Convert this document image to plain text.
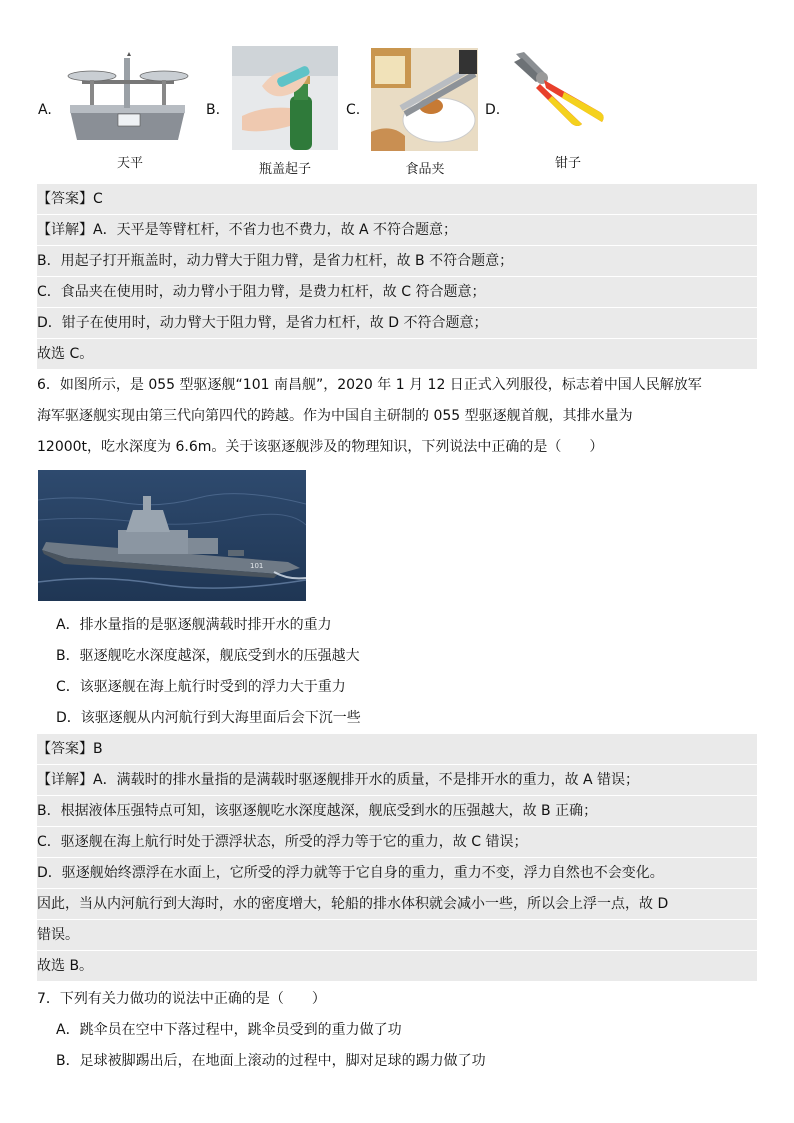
A.
天平
B.
瓶盖起子
C.
食品夹
D.
钳子
【答案】C
【详解】A．天平是等臂杠杆，不省力也不费力，故 A 不符合题意；
B．用起子打开瓶盖时，动力臂大于阻力臂，是省力杠杆，故 B 不符合题意；
C．食品夹在使用时，动力臂小于阻力臂，是费力杠杆，故 C 符合题意；
D．钳子在使用时，动力臂大于阻力臂，是省力杠杆，故 D 不符合题意；
故选 C。
6．如图所示，是 055 型驱逐舰“101 南昌舰”，2020 年 1 月 12 日正式入列服役，标志着中国人民解放军
海军驱逐舰实现由第三代向第四代的跨越。作为中国自主研制的 055 型驱逐舰首舰，其排水量为
12000t，吃水深度为 6.6m。关于该驱逐舰涉及的物理知识，下列说法中正确的是（　　）
101
A．排水量指的是驱逐舰满载时排开水的重力
B．驱逐舰吃水深度越深，舰底受到水的压强越大
C．该驱逐舰在海上航行时受到的浮力大于重力
D．该驱逐舰从内河航行到大海里面后会下沉一些
【答案】B
【详解】A．满载时的排水量指的是满载时驱逐舰排开水的质量，不是排开水的重力，故 A 错误；
B．根据液体压强特点可知，该驱逐舰吃水深度越深，舰底受到水的压强越大，故 B 正确；
C．驱逐舰在海上航行时处于漂浮状态，所受的浮力等于它的重力，故 C 错误；
D．驱逐舰始终漂浮在水面上，它所受的浮力就等于它自身的重力，重力不变，浮力自然也不会变化。
因此，当从内河航行到大海时，水的密度增大，轮船的排水体积就会减小一些，所以会上浮一点，故 D
错误。
故选 B。
7．下列有关力做功的说法中正确的是（　　）
A．跳伞员在空中下落过程中，跳伞员受到的重力做了功
B．足球被脚踢出后，在地面上滚动的过程中，脚对足球的踢力做了功
